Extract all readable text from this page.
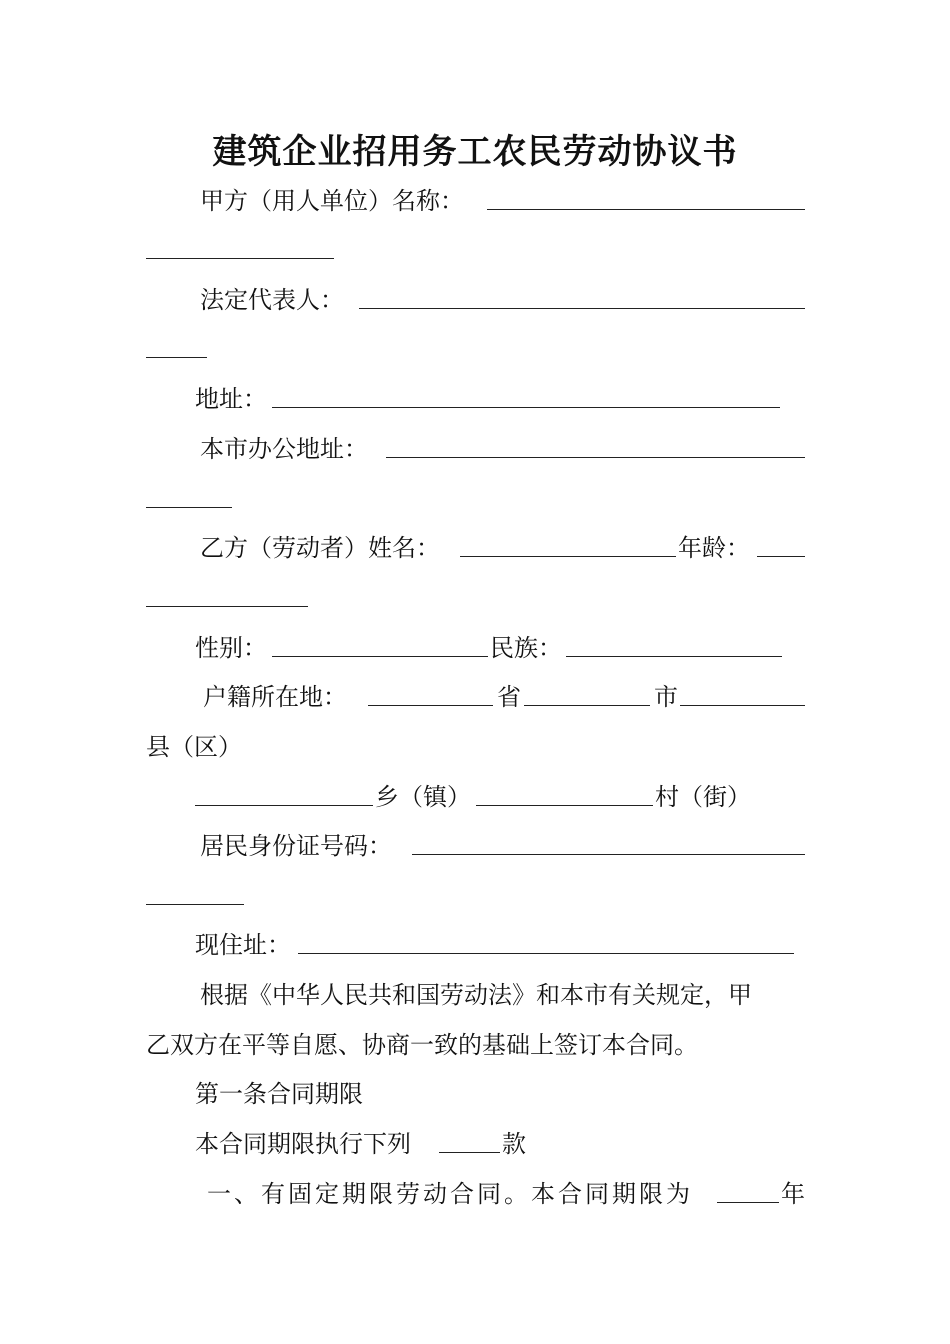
建筑企业招用务工农民劳动协议书
甲方（用人单位）名称：
法定代表人：
地址：
本市办公地址：
乙方（劳动者）姓名：	年龄：
性别：	民族：
户籍所在地：	省	市
县（区）
乡（镇）	村（街）
居民身份证号码：
现住址：
根据《中华人民共和国劳动法》和本市有关规定，甲
乙双方在平等自愿、协商一致的基础上签订本合同。
第一条合同期限
本合同期限执行下列	款
一、有固定期限劳动合同。本合同期限为	年
